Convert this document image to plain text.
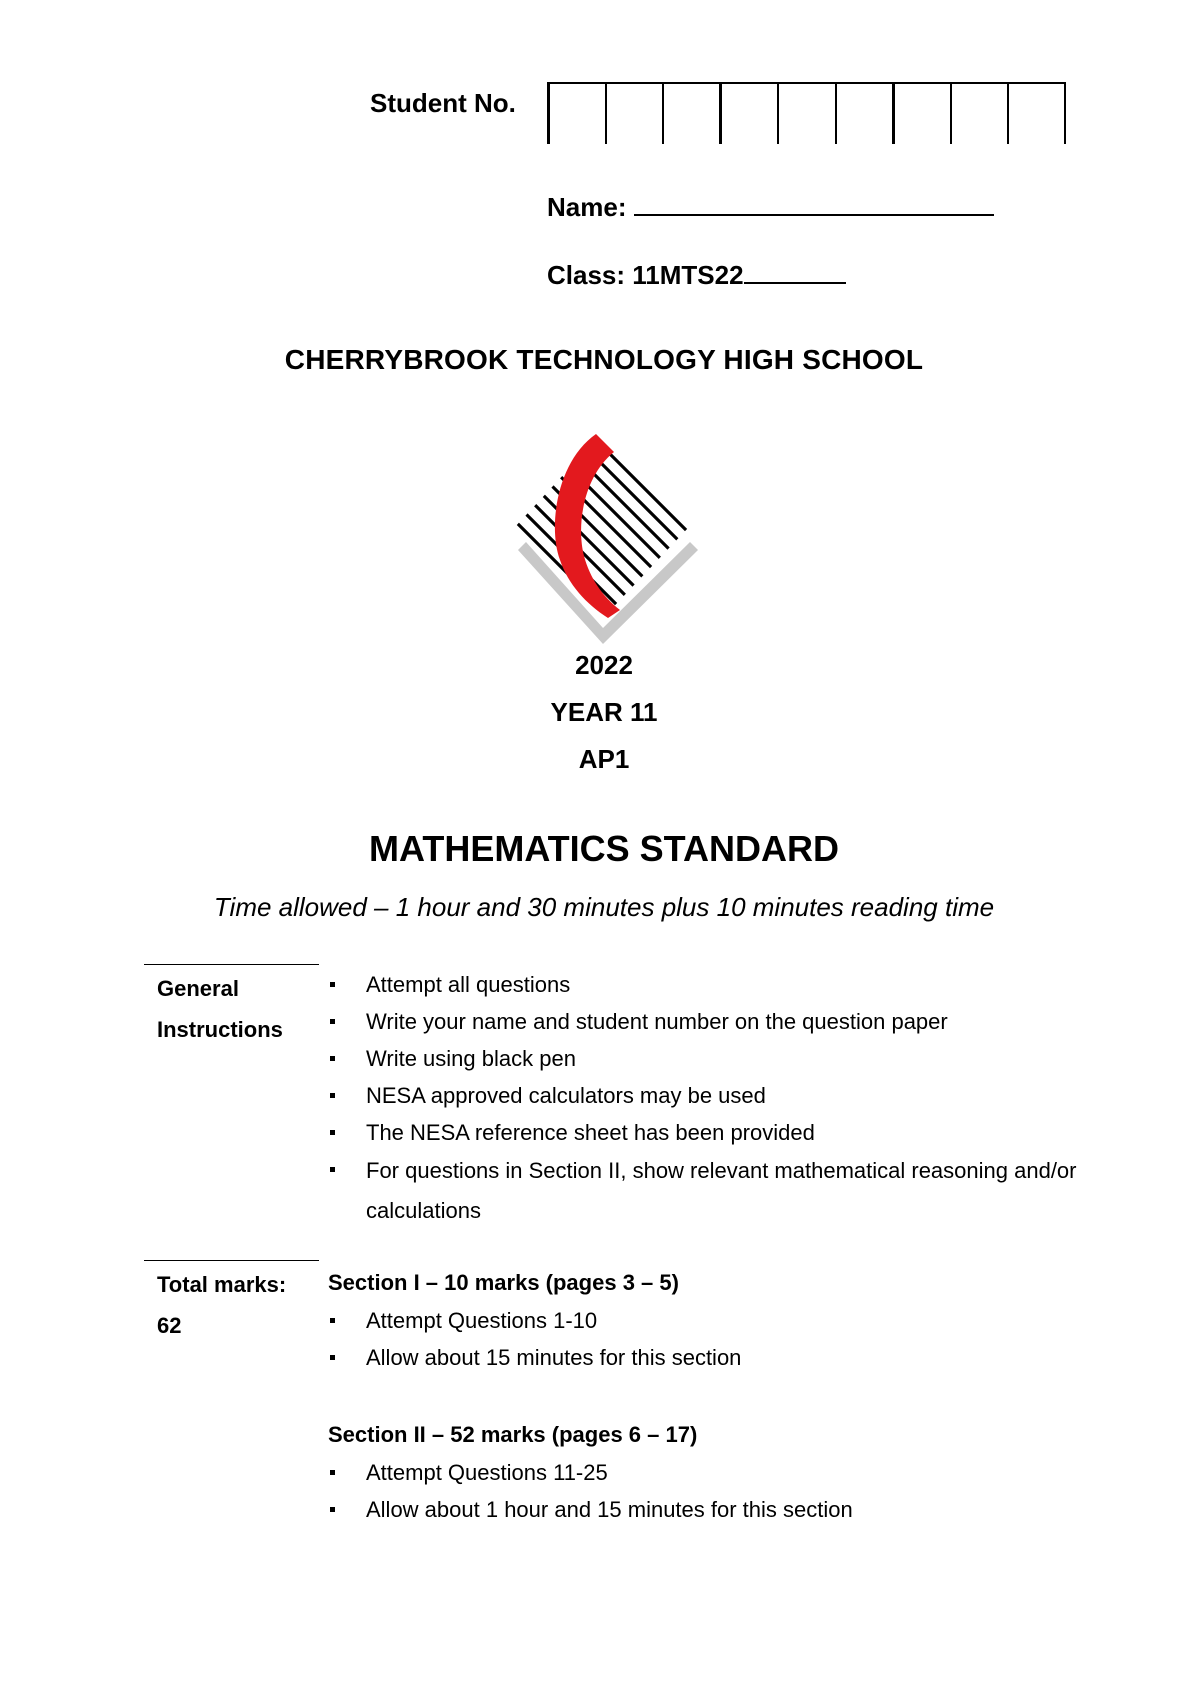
Student No.
Name:
Class: 11MTS22
CHERRYBROOK TECHNOLOGY HIGH SCHOOL
2022
YEAR 11
AP1
MATHEMATICS STANDARD
Time allowed – 1 hour and 30 minutes plus 10 minutes reading time
General
Instructions
Attempt all questions
Write your name and student number on the question paper
Write using black pen
NESA approved calculators may be used
The NESA reference sheet has been provided
For questions in Section II, show relevant mathematical reasoning and/or calculations
Total marks:
62
Section I – 10 marks (pages 3 – 5)
Attempt Questions 1-10
Allow about 15 minutes for this section
Section II – 52 marks (pages 6 – 17)
Attempt Questions 11-25
Allow about 1 hour and 15 minutes for this section
